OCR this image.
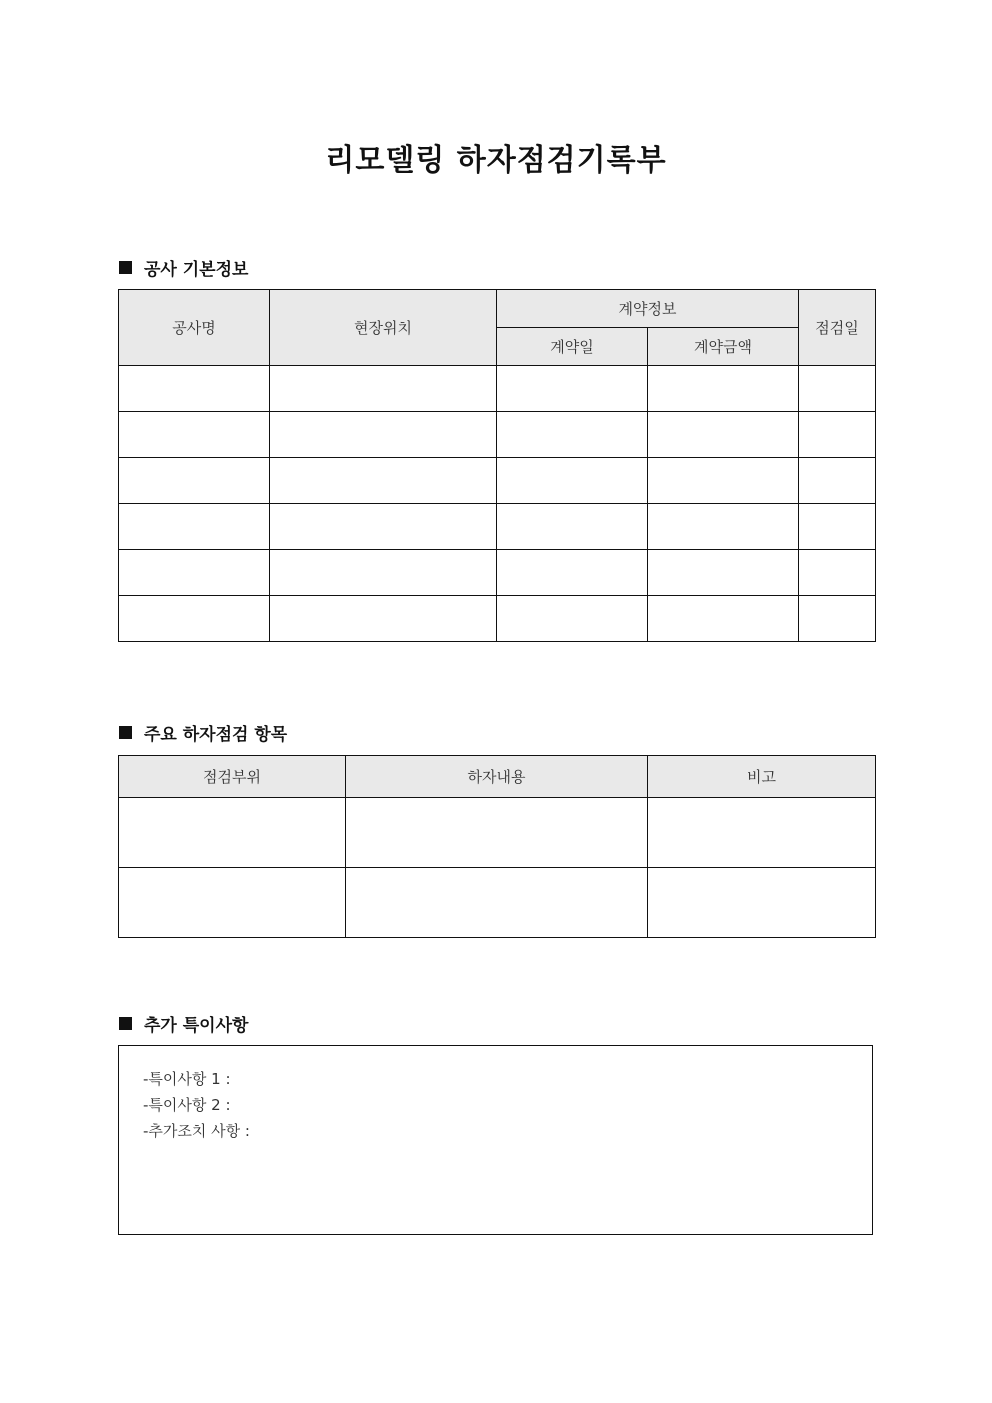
리모델링 하자점검기록부
공사 기본정보
공사명	현장위치	계약정보		점검일
		계약일	계약금액	

주요 하자점검 항목
점검부위	하자내용	비고

추가 특이사항
-특이사항 1 :
-특이사항 2 :
-추가조치 사항 :
